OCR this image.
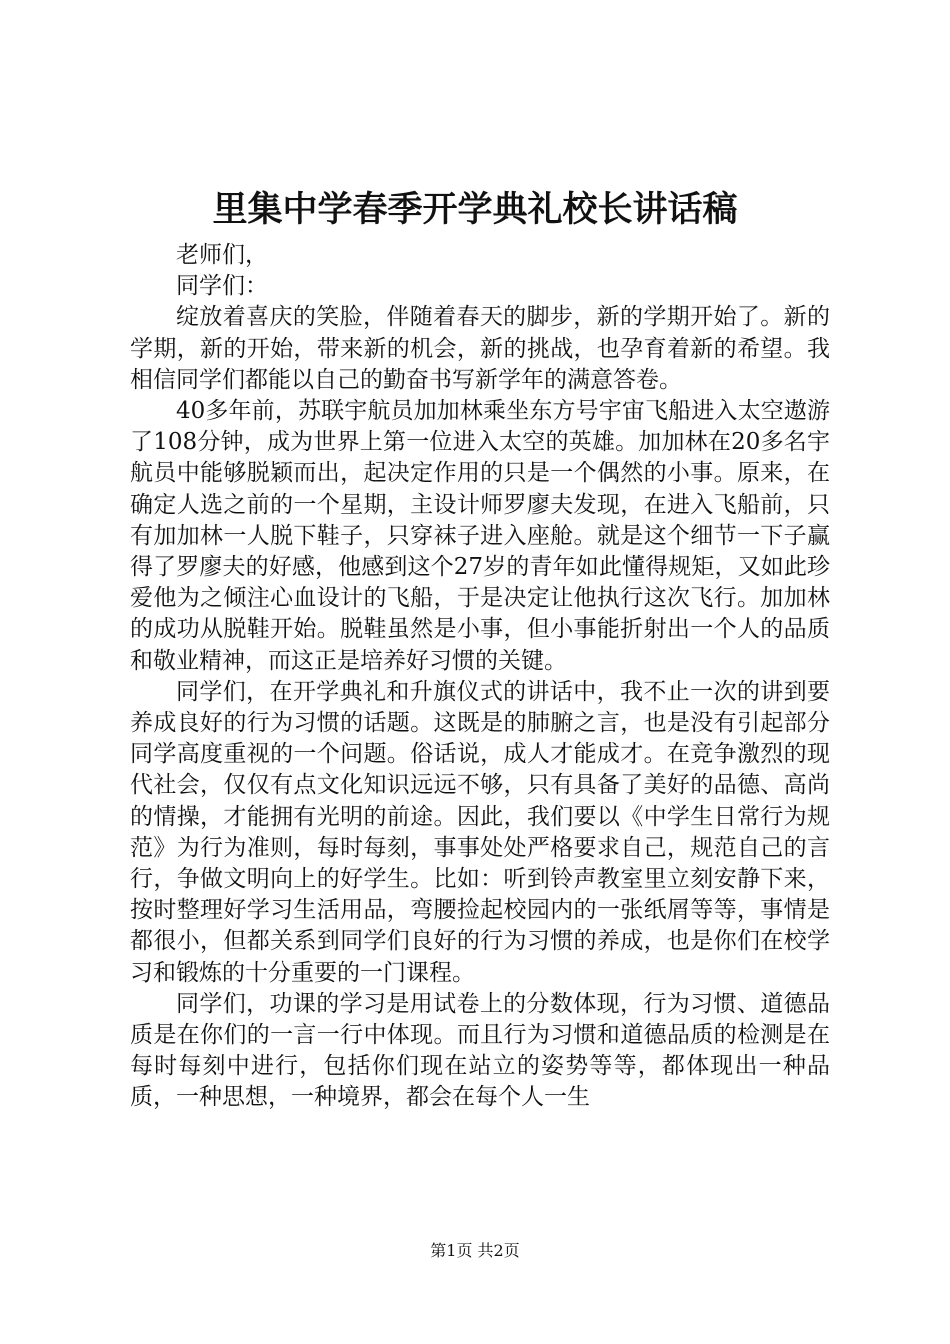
里集中学春季开学典礼校长讲话稿

老师们，

同学们：

绽放着喜庆的笑脸，伴随着春天的脚步，新的学期开始了。新的学期，新的开始，带来新的机会，新的挑战，也孕育着新的希望。我相信同学们都能以自己的勤奋书写新学年的满意答卷。

40多年前，苏联宇航员加加林乘坐东方号宇宙飞船进入太空遨游了108分钟，成为世界上第一位进入太空的英雄。加加林在20多名宇航员中能够脱颖而出，起决定作用的只是一个偶然的小事。原来，在确定人选之前的一个星期，主设计师罗廖夫发现，在进入飞船前，只有加加林一人脱下鞋子，只穿袜子进入座舱。就是这个细节一下子赢得了罗廖夫的好感，他感到这个27岁的青年如此懂得规矩，又如此珍爱他为之倾注心血设计的飞船，于是决定让他执行这次飞行。加加林的成功从脱鞋开始。脱鞋虽然是小事，但小事能折射出一个人的品质和敬业精神，而这正是培养好习惯的关键。

同学们，在开学典礼和升旗仪式的讲话中，我不止一次的讲到要养成良好的行为习惯的话题。这既是的肺腑之言，也是没有引起部分同学高度重视的一个问题。俗话说，成人才能成才。在竞争激烈的现代社会，仅仅有点文化知识远远不够，只有具备了美好的品德、高尚的情操，才能拥有光明的前途。因此，我们要以《中学生日常行为规范》为行为准则，每时每刻，事事处处严格要求自己，规范自己的言行，争做文明向上的好学生。比如：听到铃声教室里立刻安静下来，按时整理好学习生活用品，弯腰捡起校园内的一张纸屑等等，事情是都很小，但都关系到同学们良好的行为习惯的养成，也是你们在校学习和锻炼的十分重要的一门课程。

同学们，功课的学习是用试卷上的分数体现，行为习惯、道德品质是在你们的一言一行中体现。而且行为习惯和道德品质的检测是在每时每刻中进行，包括你们现在站立的姿势等等，都体现出一种品质，一种思想，一种境界，都会在每个人一生

第1页 共2页
